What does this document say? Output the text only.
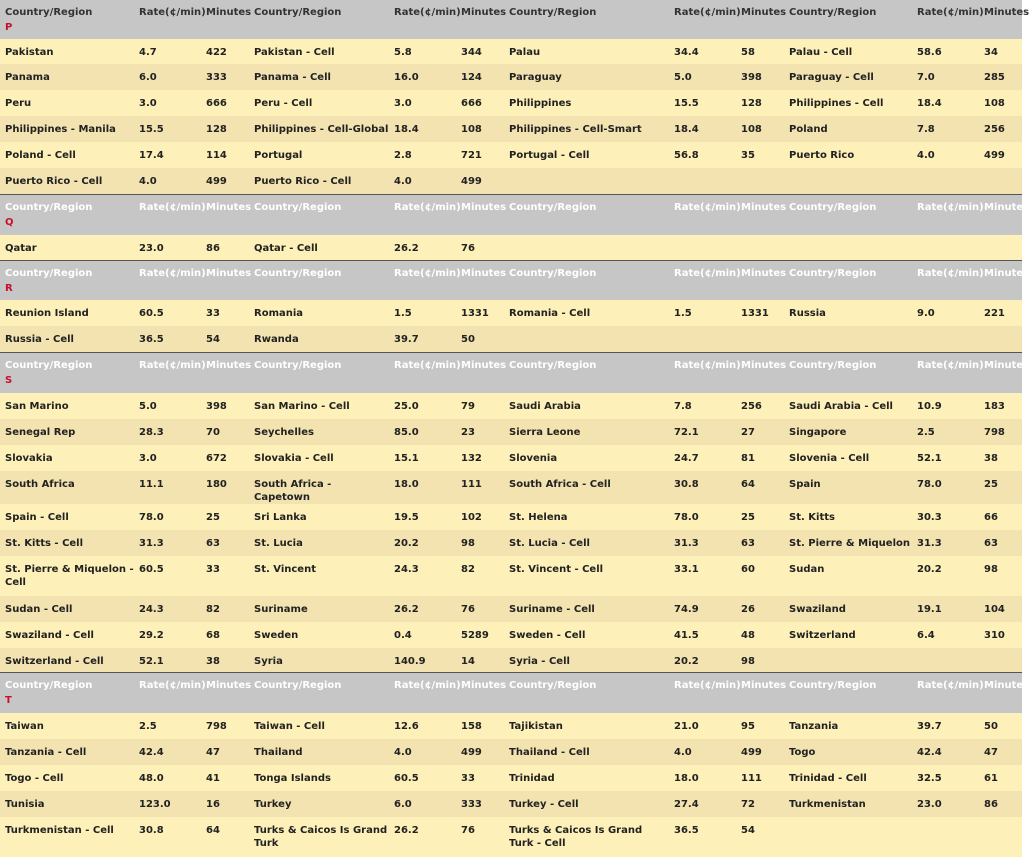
Country/Region
P	Rate(¢/min)	Minutes	Country/Region	Rate(¢/min)	Minutes	Country/Region	Rate(¢/min)	Minutes	Country/Region	Rate(¢/min)	Minutes
Pakistan	4.7	422	Pakistan - Cell	5.8	344	Palau	34.4	58	Palau - Cell	58.6	34
Panama	6.0	333	Panama - Cell	16.0	124	Paraguay	5.0	398	Paraguay - Cell	7.0	285
Peru	3.0	666	Peru - Cell	3.0	666	Philippines	15.5	128	Philippines - Cell	18.4	108
Philippines - Manila	15.5	128	Philippines - Cell-Global	18.4	108	Philippines - Cell-Smart	18.4	108	Poland	7.8	256
Poland - Cell	17.4	114	Portugal	2.8	721	Portugal - Cell	56.8	35	Puerto Rico	4.0	499
Puerto Rico - Cell	4.0	499	Puerto Rico - Cell	4.0	499						

Country/Region
Q	Rate(¢/min)	Minutes	Country/Region	Rate(¢/min)	Minutes	Country/Region	Rate(¢/min)	Minutes	Country/Region	Rate(¢/min)	Minutes
Qatar	23.0	86	Qatar - Cell	26.2	76						

Country/Region
R	Rate(¢/min)	Minutes	Country/Region	Rate(¢/min)	Minutes	Country/Region	Rate(¢/min)	Minutes	Country/Region	Rate(¢/min)	Minutes
Reunion Island	60.5	33	Romania	1.5	1331	Romania - Cell	1.5	1331	Russia	9.0	221
Russia - Cell	36.5	54	Rwanda	39.7	50						

Country/Region
S	Rate(¢/min)	Minutes	Country/Region	Rate(¢/min)	Minutes	Country/Region	Rate(¢/min)	Minutes	Country/Region	Rate(¢/min)	Minutes
San Marino	5.0	398	San Marino - Cell	25.0	79	Saudi Arabia	7.8	256	Saudi Arabia - Cell	10.9	183
Senegal Rep	28.3	70	Seychelles	85.0	23	Sierra Leone	72.1	27	Singapore	2.5	798
Slovakia	3.0	672	Slovakia - Cell	15.1	132	Slovenia	24.7	81	Slovenia - Cell	52.1	38
South Africa	11.1	180	South Africa - Capetown	18.0	111	South Africa - Cell	30.8	64	Spain	78.0	25
Spain - Cell	78.0	25	Sri Lanka	19.5	102	St. Helena	78.0	25	St. Kitts	30.3	66
St. Kitts - Cell	31.3	63	St. Lucia	20.2	98	St. Lucia - Cell	31.3	63	St. Pierre & Miquelon	31.3	63
St. Pierre & Miquelon - Cell	60.5	33	St. Vincent	24.3	82	St. Vincent - Cell	33.1	60	Sudan	20.2	98
Sudan - Cell	24.3	82	Suriname	26.2	76	Suriname - Cell	74.9	26	Swaziland	19.1	104
Swaziland - Cell	29.2	68	Sweden	0.4	5289	Sweden - Cell	41.5	48	Switzerland	6.4	310
Switzerland - Cell	52.1	38	Syria	140.9	14	Syria - Cell	20.2	98			

Country/Region
T	Rate(¢/min)	Minutes	Country/Region	Rate(¢/min)	Minutes	Country/Region	Rate(¢/min)	Minutes	Country/Region	Rate(¢/min)	Minutes
Taiwan	2.5	798	Taiwan - Cell	12.6	158	Tajikistan	21.0	95	Tanzania	39.7	50
Tanzania - Cell	42.4	47	Thailand	4.0	499	Thailand - Cell	4.0	499	Togo	42.4	47
Togo - Cell	48.0	41	Tonga Islands	60.5	33	Trinidad	18.0	111	Trinidad - Cell	32.5	61
Tunisia	123.0	16	Turkey	6.0	333	Turkey - Cell	27.4	72	Turkmenistan	23.0	86
Turkmenistan - Cell	30.8	64	Turks & Caicos Is Grand Turk	26.2	76	Turks & Caicos Is Grand Turk - Cell	36.5	54			
